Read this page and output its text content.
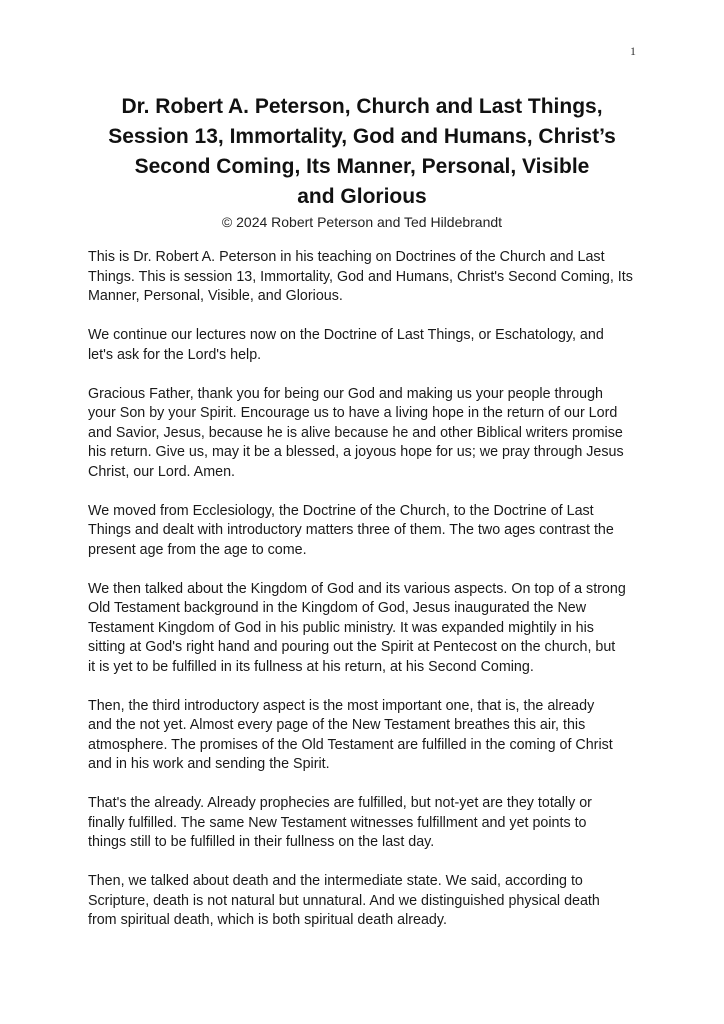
1
Dr. Robert A. Peterson, Church and Last Things,
Session 13, Immortality, God and Humans, Christ’s
Second Coming, Its Manner, Personal, Visible
and Glorious
© 2024 Robert Peterson and Ted Hildebrandt

This is Dr. Robert A. Peterson in his teaching on Doctrines of the Church and Last
Things. This is session 13, Immortality, God and Humans, Christ's Second Coming, Its
Manner, Personal, Visible, and Glorious.

We continue our lectures now on the Doctrine of Last Things, or Eschatology, and
let's ask for the Lord's help.

Gracious Father, thank you for being our God and making us your people through
your Son by your Spirit. Encourage us to have a living hope in the return of our Lord
and Savior, Jesus, because he is alive because he and other Biblical writers promise
his return. Give us, may it be a blessed, a joyous hope for us; we pray through Jesus
Christ, our Lord. Amen.

We moved from Ecclesiology, the Doctrine of the Church, to the Doctrine of Last
Things and dealt with introductory matters three of them. The two ages contrast the
present age from the age to come.

We then talked about the Kingdom of God and its various aspects. On top of a strong
Old Testament background in the Kingdom of God, Jesus inaugurated the New
Testament Kingdom of God in his public ministry. It was expanded mightily in his
sitting at God's right hand and pouring out the Spirit at Pentecost on the church, but
it is yet to be fulfilled in its fullness at his return, at his Second Coming.

Then, the third introductory aspect is the most important one, that is, the already
and the not yet. Almost every page of the New Testament breathes this air, this
atmosphere. The promises of the Old Testament are fulfilled in the coming of Christ
and in his work and sending the Spirit.

That's the already. Already prophecies are fulfilled, but not-yet are they totally or
finally fulfilled. The same New Testament witnesses fulfillment and yet points to
things still to be fulfilled in their fullness on the last day.

Then, we talked about death and the intermediate state. We said, according to
Scripture, death is not natural but unnatural. And we distinguished physical death
from spiritual death, which is both spiritual death already.
